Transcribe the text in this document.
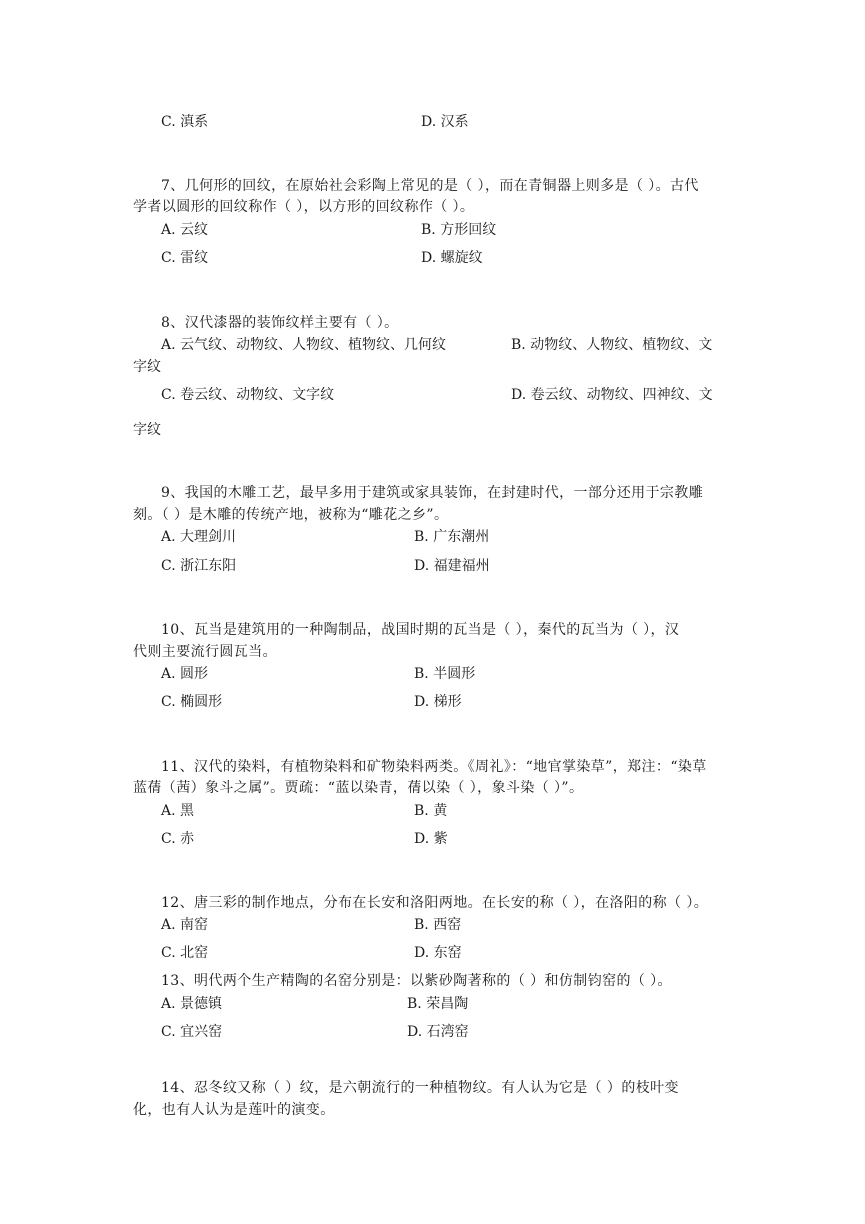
C. 滇系	D. 汉系
7、几何形的回纹，在原始社会彩陶上常见的是（ ），而在青铜器上则多是（ ）。古代
学者以圆形的回纹称作（ ），以方形的回纹称作（ ）。
A. 云纹	B. 方形回纹
C. 雷纹	D. 螺旋纹
8、汉代漆器的装饰纹样主要有（ ）。
A. 云气纹、动物纹、人物纹、植物纹、几何纹	B. 动物纹、人物纹、植物纹、文
字纹
C. 卷云纹、动物纹、文字纹	D. 卷云纹、动物纹、四神纹、文
字纹
9、我国的木雕工艺，最早多用于建筑或家具装饰，在封建时代，一部分还用于宗教雕
刻。（ ）是木雕的传统产地，被称为“雕花之乡”。
A. 大理剑川	B. 广东潮州
C. 浙江东阳	D. 福建福州
10、瓦当是建筑用的一种陶制品，战国时期的瓦当是（ ），秦代的瓦当为（ ），汉
代则主要流行圆瓦当。
A. 圆形	B. 半圆形
C. 椭圆形	D. 梯形
11、汉代的染料，有植物染料和矿物染料两类。《周礼》：“地官掌染草”，郑注：“染草
蓝蒨（茜）象斗之属”。贾疏：“蓝以染青，蒨以染（ ），象斗染（ ）”。
A. 黑	B. 黄
C. 赤	D. 紫
12、唐三彩的制作地点，分布在长安和洛阳两地。在长安的称（ ），在洛阳的称（ ）。
A. 南窑	B. 西窑
C. 北窑	D. 东窑
13、明代两个生产精陶的名窑分别是：以紫砂陶著称的（ ）和仿制钧窑的（ ）。
A. 景德镇	B. 荣昌陶
C. 宜兴窑	D. 石湾窑
14、忍冬纹又称（ ）纹，是六朝流行的一种植物纹。有人认为它是（ ）的枝叶变
化，也有人认为是莲叶的演变。
